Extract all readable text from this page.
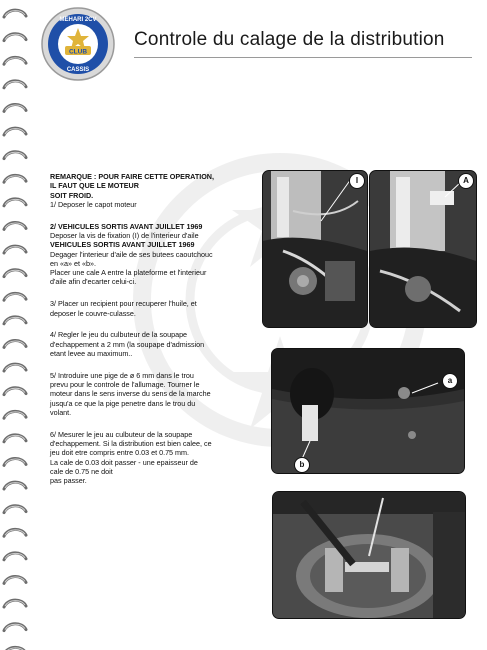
CLUB
MEHARI 2CV
CASSIS
Controle du calage de la distribution

REMARQUE : POUR FAIRE CETTE OPERATION,
IL FAUT QUE LE MOTEUR
SOIT FROID.
1/ Deposer le capot moteur

2/ VEHICULES SORTIS AVANT JUILLET 1969
Deposer la vis de fixation (I) de l'interieur d'aile
VEHICULES SORTIS AVANT JUILLET 1969
Degager l'interieur d'aile de ses butees caoutchouc
en «a» et «b».
Placer une cale A entre la plateforme et l'interieur
d'aile afin d'ecarter celui-ci.

3/ Placer un recipient pour recuperer l'huile, et
deposer le couvre-culasse.

4/ Regler le jeu du culbuteur de la soupape
d'echappement a 2 mm (la soupape d'admission
etant levee au maximum..

5/ Introduire une pige de ø 6 mm dans le trou
prevu pour le controle de l'allumage. Tourner le
moteur dans le sens inverse du sens de la marche
jusqu'a ce que la pige penetre dans le trou du
volant.

6/ Mesurer le jeu au culbuteur de la soupape
d'echappement. Si la distribution est bien calee, ce
jeu doit etre compris entre 0.03 et 0.75 mm.
La cale de 0.03 doit passer - une epaisseur de
cale de 0.75 ne doit
pas passer.

I	A
a
b
